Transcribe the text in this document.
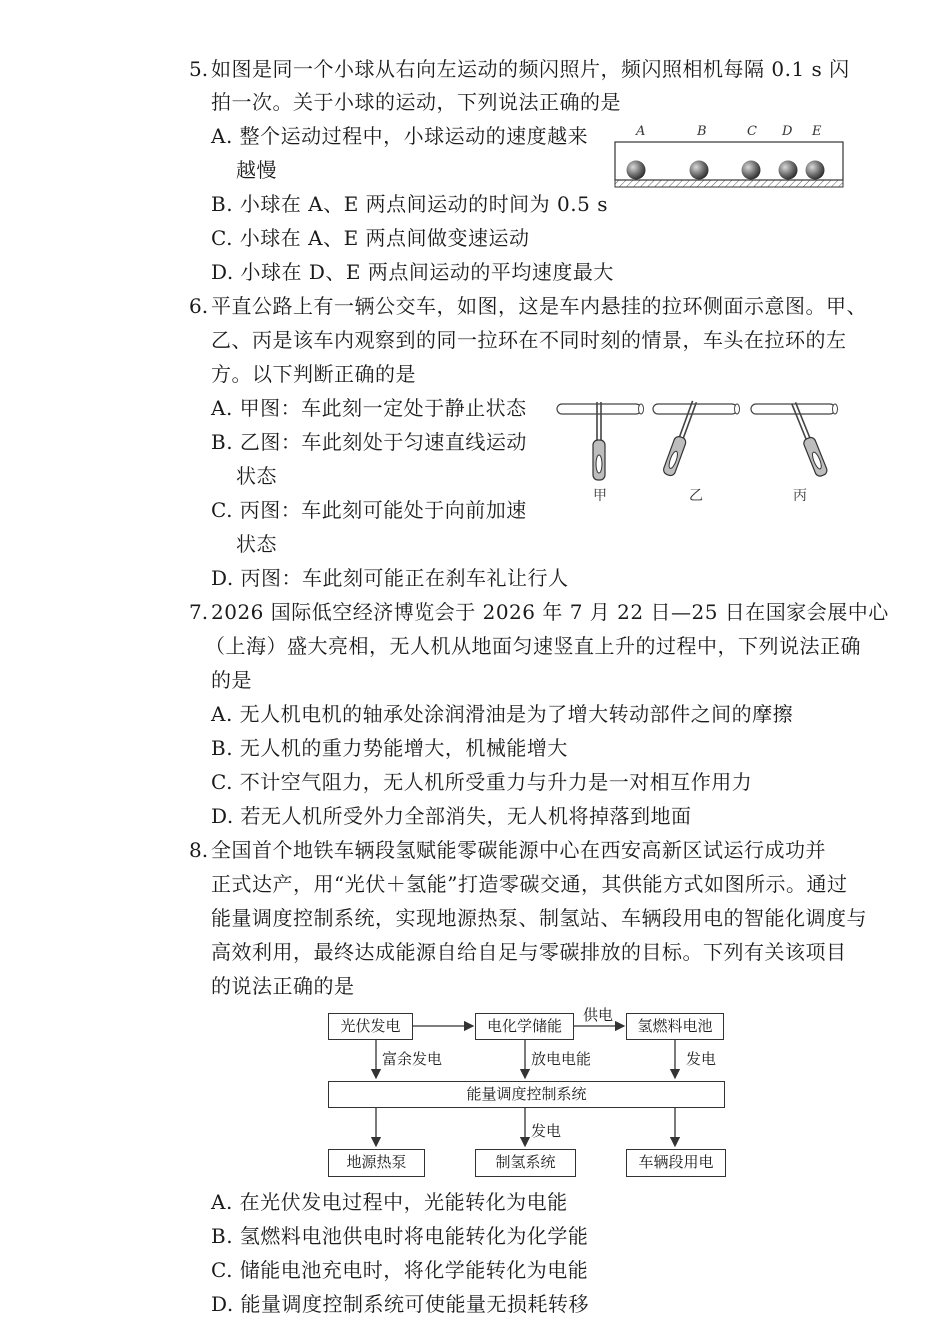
5. 如图是同一个小球从右向左运动的频闪照片，频闪照相机每隔 0.1 s 闪
拍一次。关于小球的运动，下列说法正确的是
A. 整个运动过程中，小球运动的速度越来
越慢
B. 小球在 A、E 两点间运动的时间为 0.5 s
C. 小球在 A、E 两点间做变速运动
D. 小球在 D、E 两点间运动的平均速度最大
A	B	C D E
6. 平直公路上有一辆公交车，如图，这是车内悬挂的拉环侧面示意图。甲、
乙、丙是该车内观察到的同一拉环在不同时刻的情景，车头在拉环的左
方。以下判断正确的是
A. 甲图：车此刻一定处于静止状态
B. 乙图：车此刻处于匀速直线运动
状态
C. 丙图：车此刻可能处于向前加速
状态
D. 丙图：车此刻可能正在刹车礼让行人
甲	乙	丙
7. 2026 国际低空经济博览会于 2026 年 7 月 22 日—25 日在国家会展中心
（上海）盛大亮相，无人机从地面匀速竖直上升的过程中，下列说法正确
的是
A. 无人机电机的轴承处涂润滑油是为了增大转动部件之间的摩擦
B. 无人机的重力势能增大，机械能增大
C. 不计空气阻力，无人机所受重力与升力是一对相互作用力
D. 若无人机所受外力全部消失，无人机将掉落到地面
8. 全国首个地铁车辆段氢赋能零碳能源中心在西安高新区试运行成功并
正式达产，用“光伏＋氢能”打造零碳交通，其供能方式如图所示。通过
能量调度控制系统，实现地源热泵、制氢站、车辆段用电的智能化调度与
高效利用，最终达成能源自给自足与零碳排放的目标。下列有关该项目
的说法正确的是
光伏发电	电化学储能	氢燃料电池
供电
富余发电	放电电能	发电
能量调度控制系统
发电
地源热泵	制氢系统	车辆段用电
A. 在光伏发电过程中，光能转化为电能
B. 氢燃料电池供电时将电能转化为化学能
C. 储能电池充电时，将化学能转化为电能
D. 能量调度控制系统可使能量无损耗转移
